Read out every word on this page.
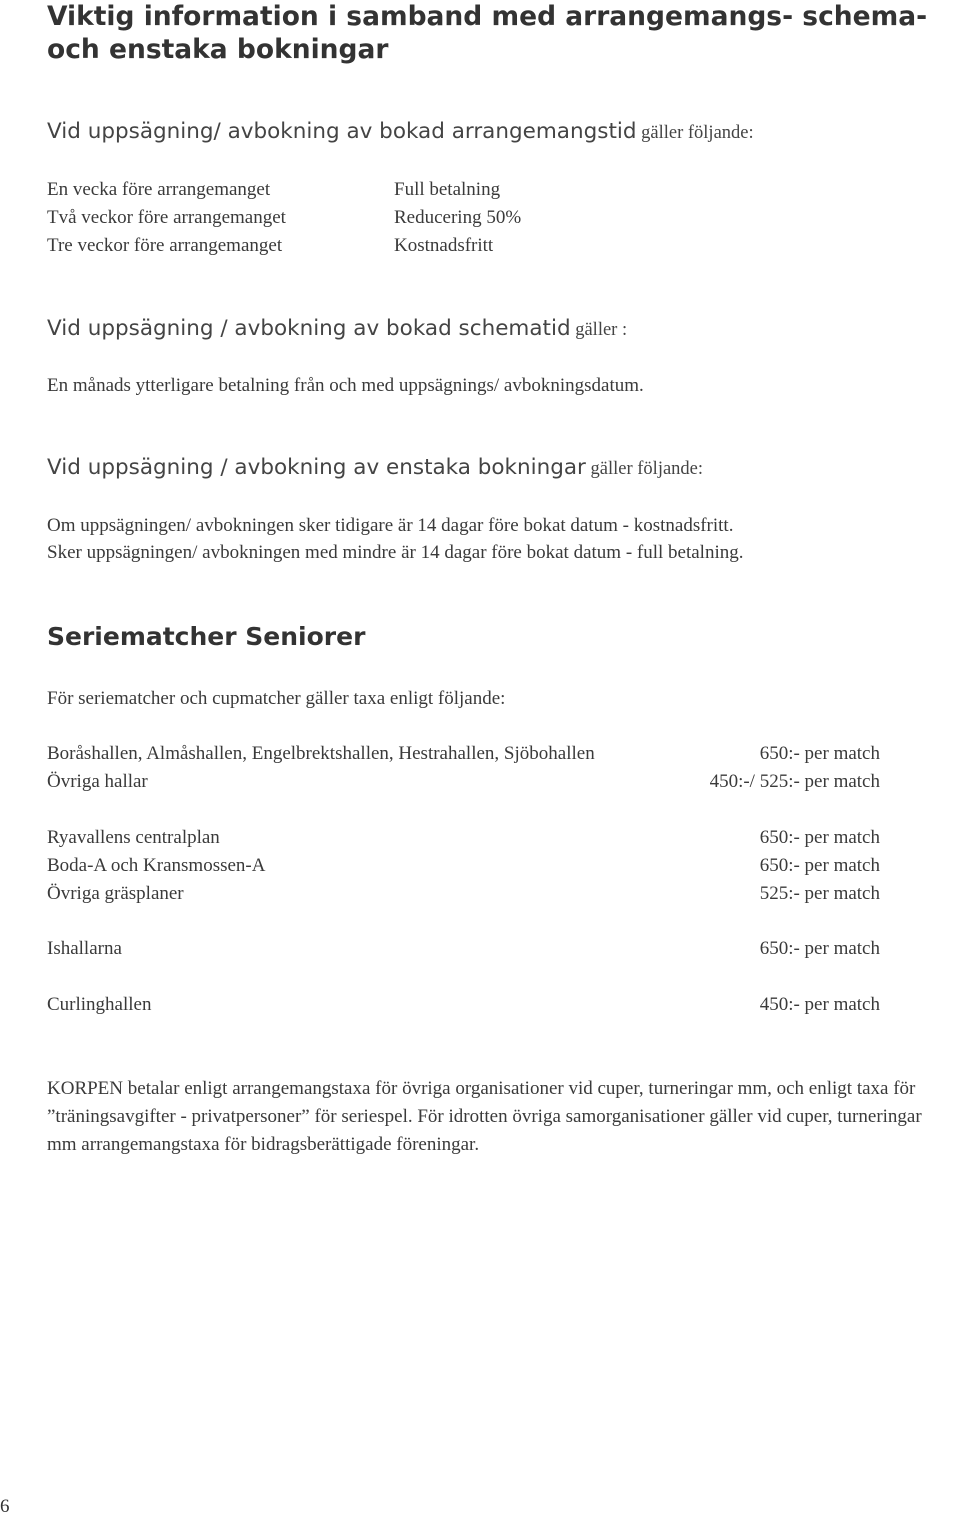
Viktig information i samband med arrangemangs- schema- och enstaka bokningar
Vid uppsägning/ avbokning av bokad arrangemangstid gäller följande:
En vecka före arrangemanget	Full betalning
Två veckor före arrangemanget	Reducering 50%
Tre veckor före arrangemanget	Kostnadsfritt
Vid uppsägning / avbokning av bokad schematid gäller :
En månads ytterligare betalning från och med uppsägnings/ avbokningsdatum.
Vid uppsägning / avbokning av enstaka bokningar gäller följande:
Om uppsägningen/ avbokningen sker tidigare är 14 dagar före bokat datum - kostnadsfritt.
Sker uppsägningen/ avbokningen med mindre är 14 dagar före bokat datum - full betalning.
Seriematcher Seniorer
För seriematcher och cupmatcher gäller taxa enligt följande:
Boråshallen, Almåshallen, Engelbrektshallen, Hestrahallen, Sjöbohallen	650:- per match
Övriga hallar	450:-/ 525:- per match
Ryavallens centralplan	650:- per match
Boda-A och Kransmossen-A	650:- per match
Övriga gräsplaner	525:- per match
Ishallarna	650:- per match
Curlinghallen	450:- per match
KORPEN betalar enligt arrangemangstaxa för övriga organisationer vid cuper, turneringar mm, och enligt taxa för ”träningsavgifter - privatpersoner” för seriespel. För idrotten övriga samorganisationer gäller vid cuper, turneringar mm arrangemangstaxa för bidragsberättigade föreningar.
6
